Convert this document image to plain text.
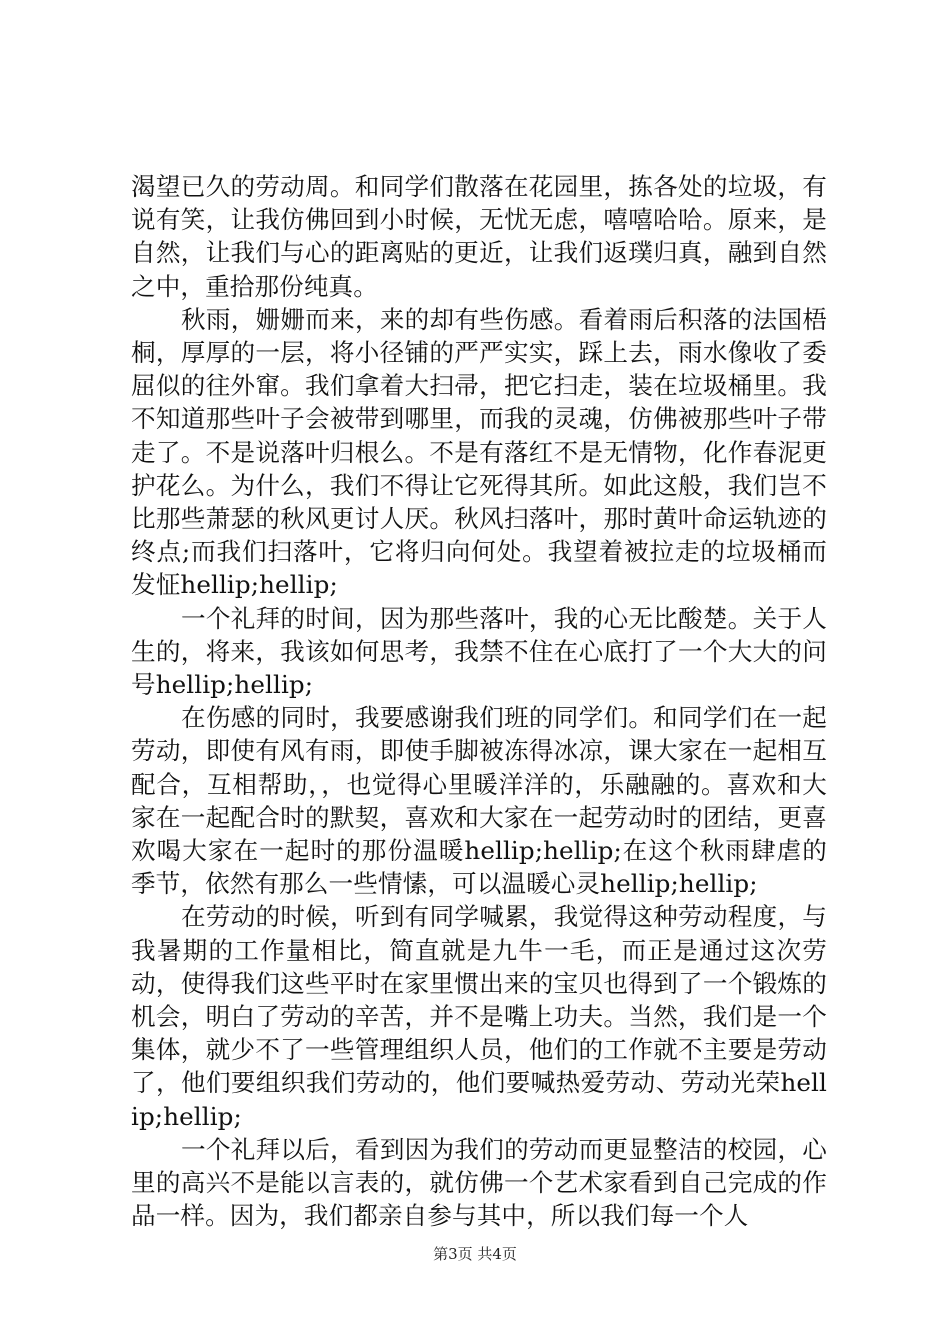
渴望已久的劳动周。和同学们散落在花园里，拣各处的垃圾，有说有笑，让我仿佛回到小时候，无忧无虑，嘻嘻哈哈。原来，是自然，让我们与心的距离贴的更近，让我们返璞归真，融到自然之中，重拾那份纯真。

秋雨，姗姗而来，来的却有些伤感。看着雨后积落的法国梧桐，厚厚的一层，将小径铺的严严实实，踩上去，雨水像收了委屈似的往外窜。我们拿着大扫帚，把它扫走，装在垃圾桶里。我不知道那些叶子会被带到哪里，而我的灵魂，仿佛被那些叶子带走了。不是说落叶归根么。不是有落红不是无情物，化作春泥更护花么。为什么，我们不得让它死得其所。如此这般，我们岂不比那些萧瑟的秋风更讨人厌。秋风扫落叶，那时黄叶命运轨迹的终点;而我们扫落叶，它将归向何处。我望着被拉走的垃圾桶而发怔hellip;hellip;

一个礼拜的时间，因为那些落叶，我的心无比酸楚。关于人生的，将来，我该如何思考，我禁不住在心底打了一个大大的问号hellip;hellip;

在伤感的同时，我要感谢我们班的同学们。和同学们在一起劳动，即使有风有雨，即使手脚被冻得冰凉，课大家在一起相互配合，互相帮助，，也觉得心里暖洋洋的，乐融融的。喜欢和大家在一起配合时的默契，喜欢和大家在一起劳动时的团结，更喜欢喝大家在一起时的那份温暖hellip;hellip;在这个秋雨肆虐的季节，依然有那么一些情愫，可以温暖心灵hellip;hellip;

在劳动的时候，听到有同学喊累，我觉得这种劳动程度，与我暑期的工作量相比，简直就是九牛一毛，而正是通过这次劳动，使得我们这些平时在家里惯出来的宝贝也得到了一个锻炼的机会，明白了劳动的辛苦，并不是嘴上功夫。当然，我们是一个集体，就少不了一些管理组织人员，他们的工作就不主要是劳动了，他们要组织我们劳动的，他们要喊热爱劳动、劳动光荣hellip;hellip;

一个礼拜以后，看到因为我们的劳动而更显整洁的校园，心里的高兴不是能以言表的，就仿佛一个艺术家看到自己完成的作品一样。因为，我们都亲自参与其中，所以我们每一个人

第3页 共4页
